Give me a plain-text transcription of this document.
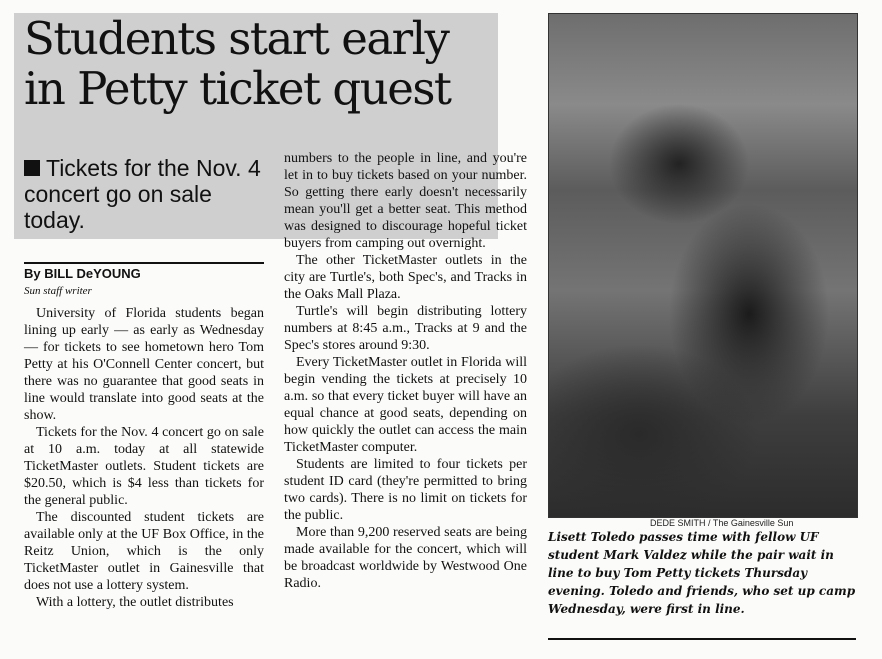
Students start early in Petty ticket quest

Tickets for the Nov. 4 concert go on sale today.

By BILL DeYOUNG
Sun staff writer

University of Florida students began lining up early — as early as Wednesday — for tickets to see hometown hero Tom Petty at his O'Connell Center concert, but there was no guarantee that good seats in line would translate into good seats at the show.

Tickets for the Nov. 4 concert go on sale at 10 a.m. today at all statewide TicketMaster outlets. Student tickets are $20.50, which is $4 less than tickets for the general public.

The discounted student tickets are available only at the UF Box Office, in the Reitz Union, which is the only TicketMaster outlet in Gainesville that does not use a lottery system.

With a lottery, the outlet distributes

numbers to the people in line, and you're let in to buy tickets based on your number. So getting there early doesn't necessarily mean you'll get a better seat. This method was designed to discourage hopeful ticket buyers from camping out overnight.

The other TicketMaster outlets in the city are Turtle's, both Spec's, and Tracks in the Oaks Mall Plaza.

Turtle's will begin distributing lottery numbers at 8:45 a.m., Tracks at 9 and the Spec's stores around 9:30.

Every TicketMaster outlet in Florida will begin vending the tickets at precisely 10 a.m. so that every ticket buyer will have an equal chance at good seats, depending on how quickly the outlet can access the main TicketMaster computer.

Students are limited to four tickets per student ID card (they're permitted to bring two cards). There is no limit on tickets for the public.

More than 9,200 reserved seats are being made available for the concert, which will be broadcast worldwide by Westwood One Radio.

DEDE SMITH / The Gainesville Sun

Lisett Toledo passes time with fellow UF student Mark Valdez while the pair wait in line to buy Tom Petty tickets Thursday evening. Toledo and friends, who set up camp Wednesday, were first in line.
